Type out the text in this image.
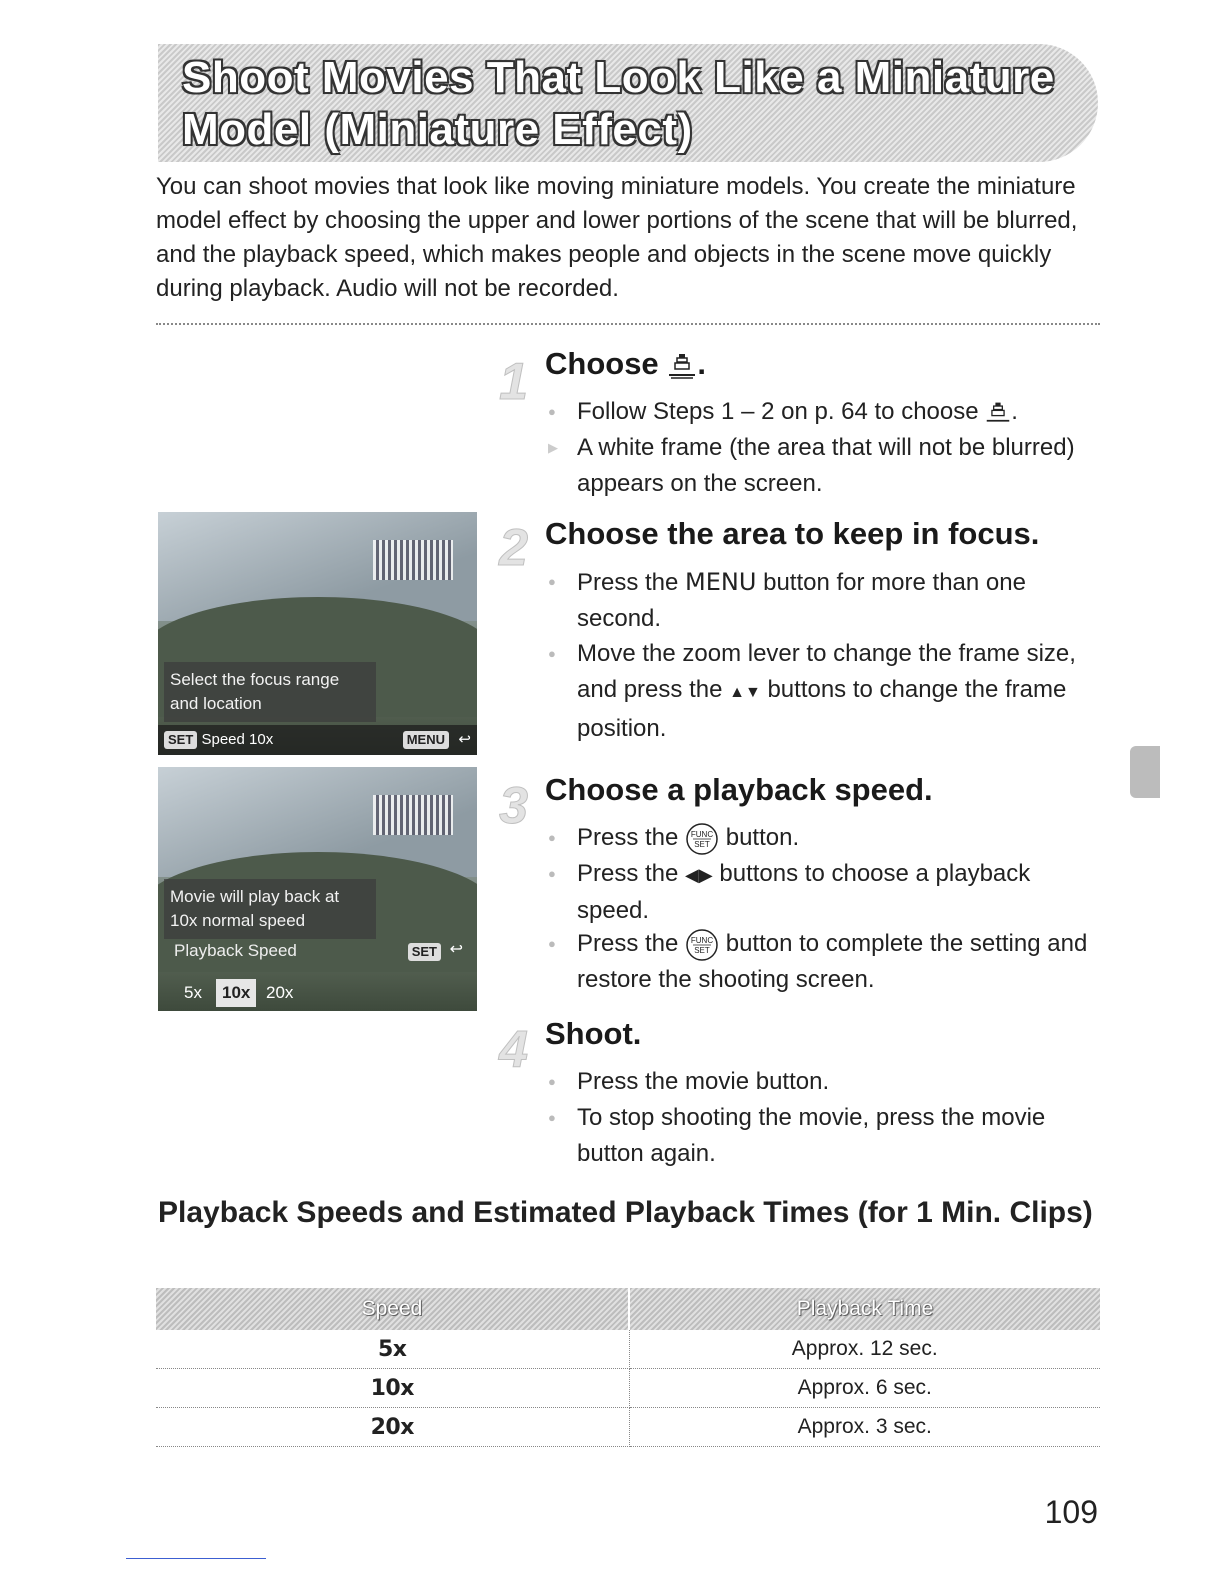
Shoot Movies That Look Like a Miniature
Model (Miniature Effect)

You can shoot movies that look like moving miniature models. You create the miniature model effect by choosing the upper and lower portions of the scene that will be blurred, and the playback speed, which makes people and objects in the scene move quickly during playback. Audio will not be recorded.

1 Choose .
● Follow Steps 1 – 2 on p. 64 to choose .

▶ A white frame (the area that will not be blurred) appears on the screen.

2 Choose the area to keep in focus.
● Press the MENU button for more than one second.

● Move the zoom lever to change the frame size, and press the ▲▼ buttons to change the frame position.

3 Choose a playback speed.
● Press the FUNC
SET button.

● Press the ◀▶ buttons to choose a playback speed.

● Press the FUNC
SET button to complete the setting and restore the shooting screen.

4 Shoot.
● Press the movie button.

● To stop shooting the movie, press the movie button again.

Select the focus range and location
SET Speed 10x	MENU ↩
Movie will play back at 10x normal speed
Playback Speed	SET ↩
5x	10x 20x
Playback Speeds and Estimated Playback Times (for 1 Min. Clips)
Speed	Playback Time
5x	Approx. 12 sec.
10x	Approx. 6 sec.
20x	Approx. 3 sec.
109
